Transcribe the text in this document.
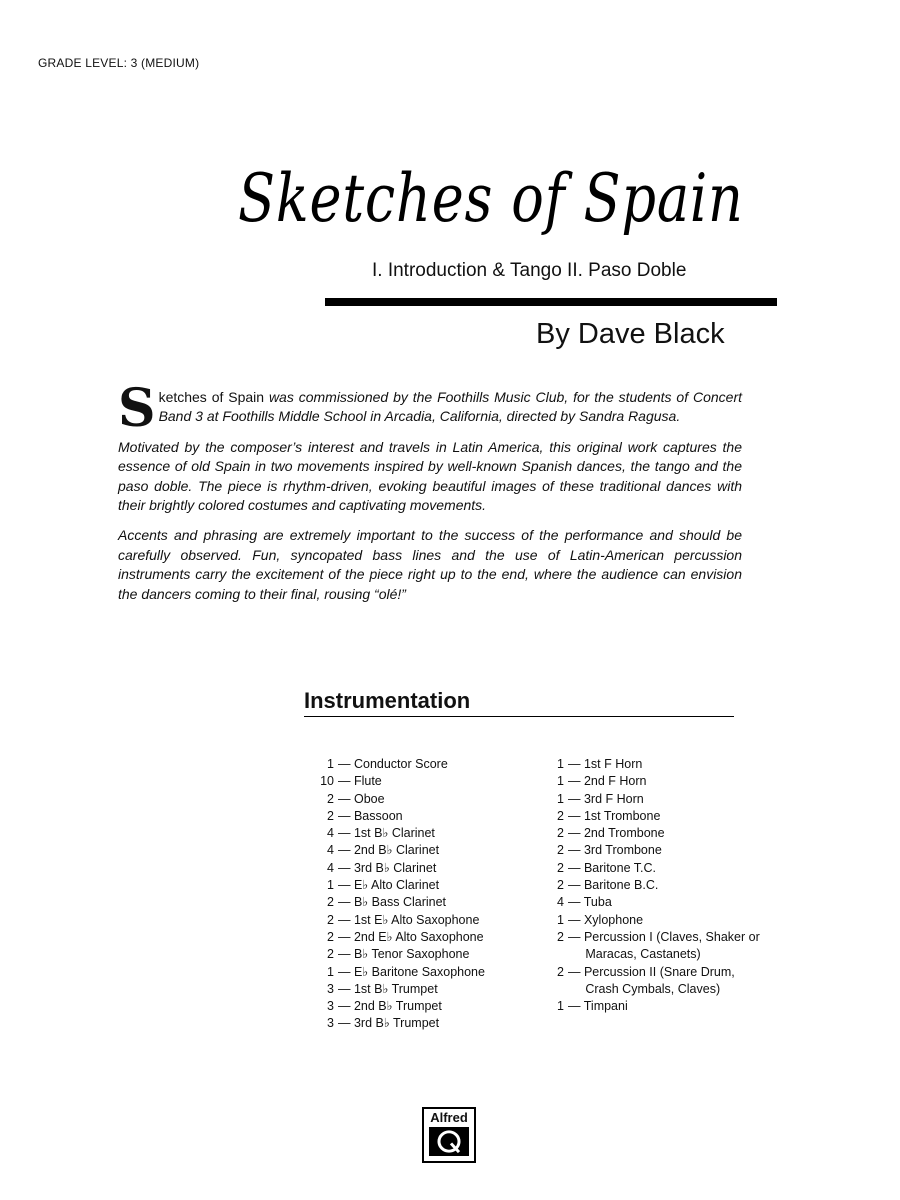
GRADE LEVEL: 3 (MEDIUM)
Sketches of Spain
I. Introduction & Tango II. Paso Doble
By Dave Black

Sketches of Spain was commissioned by the Foothills Music Club, for the students of Concert Band 3 at Foothills Middle School in Arcadia, California, directed by Sandra Ragusa.

Motivated by the composer’s interest and travels in Latin America, this original work captures the essence of old Spain in two movements inspired by well-known Spanish dances, the tango and the paso doble. The piece is rhythm-driven, evoking beautiful images of these traditional dances with their brightly colored costumes and captivating movements.

Accents and phrasing are extremely important to the success of the performance and should be carefully observed. Fun, syncopated bass lines and the use of Latin-American percussion instruments carry the excitement of the piece right up to the end, where the audience can envision the dancers coming to their final, rousing “olé!”

Instrumentation
1 — Conductor Score
10 — Flute
2 — Oboe
2 — Bassoon
4 — 1st B♭ Clarinet
4 — 2nd B♭ Clarinet
4 — 3rd B♭ Clarinet
1 — E♭ Alto Clarinet
2 — B♭ Bass Clarinet
2 — 1st E♭ Alto Saxophone
2 — 2nd E♭ Alto Saxophone
2 — B♭ Tenor Saxophone
1 — E♭ Baritone Saxophone
3 — 1st B♭ Trumpet
3 — 2nd B♭ Trumpet
3 — 3rd B♭ Trumpet
1 — 1st F Horn
1 — 2nd F Horn
1 — 3rd F Horn
2 — 1st Trombone
2 — 2nd Trombone
2 — 3rd Trombone
2 — Baritone T.C.
2 — Baritone B.C.
4 — Tuba
1 — Xylophone
2 — Percussion I (Claves, Shaker or
Maracas, Castanets)
2 — Percussion II (Snare Drum,
Crash Cymbals, Claves)
1 — Timpani
Alfred
